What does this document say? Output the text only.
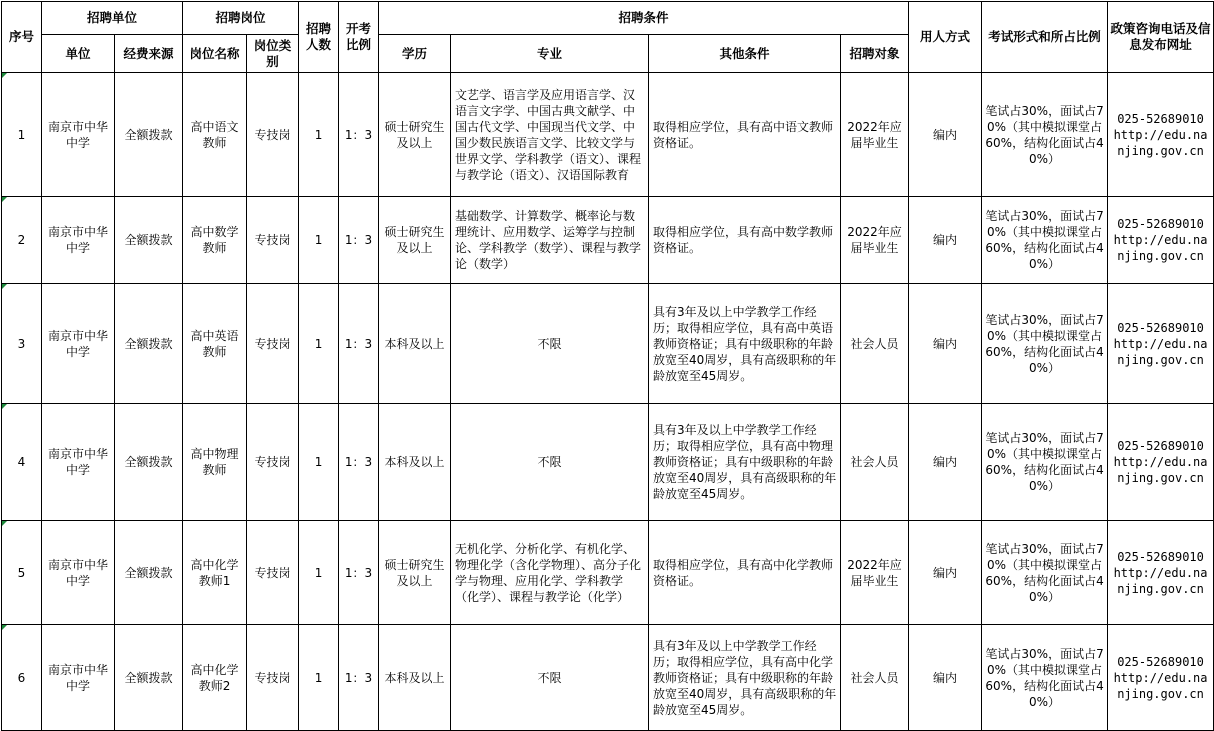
序号	招聘单位		招聘岗位		招聘人数	开考比例	招聘条件				用人方式	考试形式和所占比例	政策咨询电话及信息发布网址
	单位	经费来源	岗位名称	岗位类别			学历	专业	其他条件	招聘对象			

1	南京市中华中学	全额拨款	高中语文教师	专技岗	1	1：3	硕士研究生及以上	文艺学、语言学及应用语言学、汉语言文字学、中国古典文献学、中国古代文学、中国现当代文学、中国少数民族语言文学、比较文学与世界文学、学科教学（语文）、课程与教学论（语文）、汉语国际教育	取得相应学位，具有高中语文教师资格证。	2022年应届毕业生	编内	笔试占30%，面试占70%（其中模拟课堂占60%，结构化面试占40%）	025-52689010 http://edu.nanjing.gov.cn

2	南京市中华中学	全额拨款	高中数学教师	专技岗	1	1：3	硕士研究生及以上	基础数学、计算数学、概率论与数理统计、应用数学、运筹学与控制论、学科教学（数学）、课程与教学论（数学）	取得相应学位，具有高中数学教师资格证。	2022年应届毕业生	编内	笔试占30%，面试占70%（其中模拟课堂占60%，结构化面试占40%）	025-52689010 http://edu.nanjing.gov.cn

3	南京市中华中学	全额拨款	高中英语教师	专技岗	1	1：3	本科及以上	不限	具有3年及以上中学教学工作经历；取得相应学位，具有高中英语教师资格证；具有中级职称的年龄放宽至40周岁，具有高级职称的年龄放宽至45周岁。	社会人员	编内	笔试占30%，面试占70%（其中模拟课堂占60%，结构化面试占40%）	025-52689010 http://edu.nanjing.gov.cn

4	南京市中华中学	全额拨款	高中物理教师	专技岗	1	1：3	本科及以上	不限	具有3年及以上中学教学工作经历；取得相应学位，具有高中物理教师资格证；具有中级职称的年龄放宽至40周岁，具有高级职称的年龄放宽至45周岁。	社会人员	编内	笔试占30%，面试占70%（其中模拟课堂占60%，结构化面试占40%）	025-52689010 http://edu.nanjing.gov.cn

5	南京市中华中学	全额拨款	高中化学教师1	专技岗	1	1：3	硕士研究生及以上	无机化学、分析化学、有机化学、物理化学（含化学物理）、高分子化学与物理、应用化学、学科教学（化学）、课程与教学论（化学）	取得相应学位，具有高中化学教师资格证。	2022年应届毕业生	编内	笔试占30%，面试占70%（其中模拟课堂占60%，结构化面试占40%）	025-52689010 http://edu.nanjing.gov.cn

6	南京市中华中学	全额拨款	高中化学教师2	专技岗	1	1：3	本科及以上	不限	具有3年及以上中学教学工作经历；取得相应学位，具有高中化学教师资格证；具有中级职称的年龄放宽至40周岁，具有高级职称的年龄放宽至45周岁。	社会人员	编内	笔试占30%，面试占70%（其中模拟课堂占60%，结构化面试占40%）	025-52689010 http://edu.nanjing.gov.cn
